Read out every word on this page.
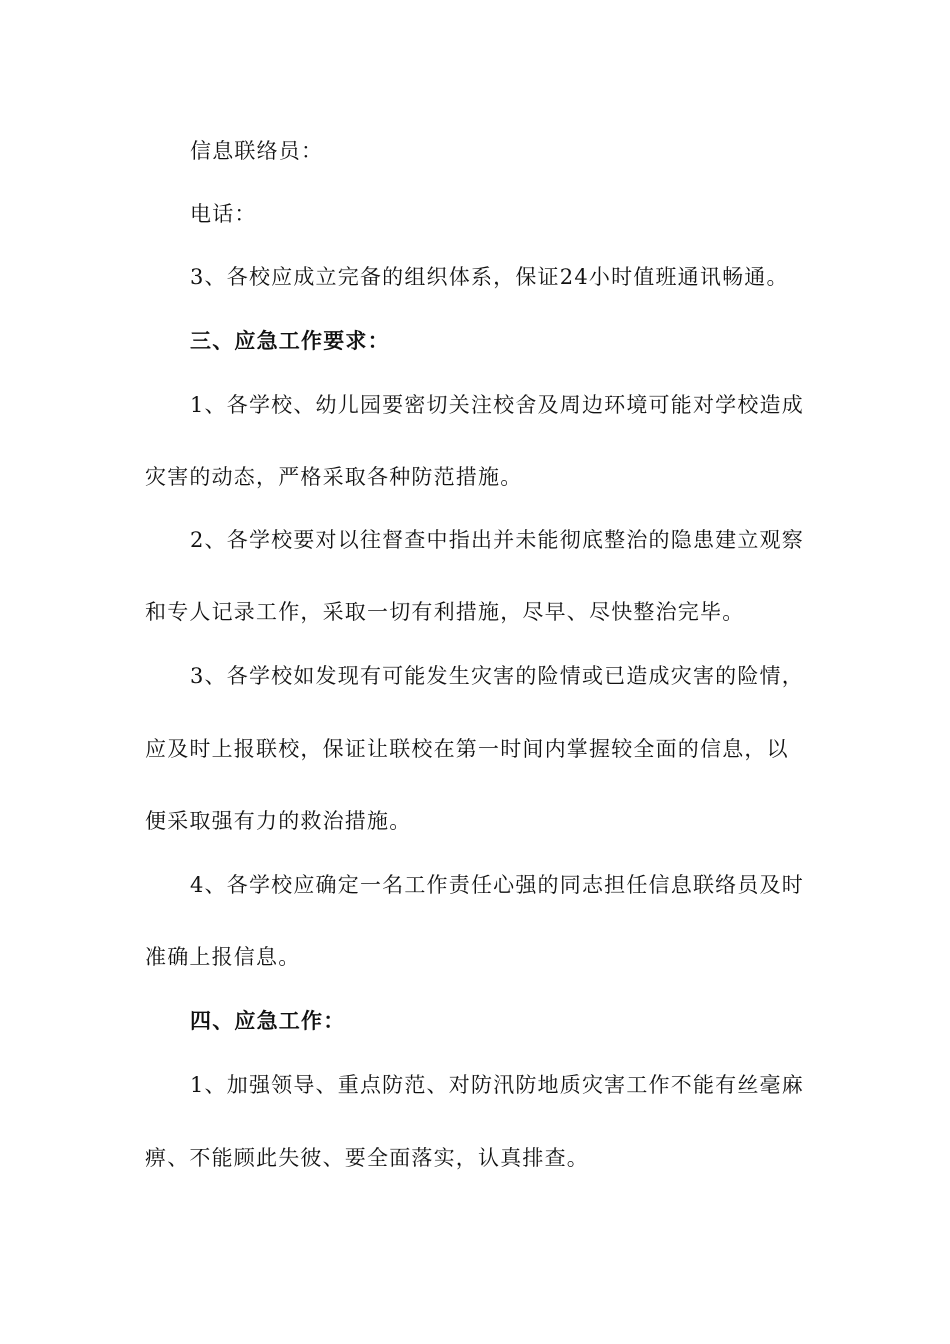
信息联络员：
电话：
3、各校应成立完备的组织体系，保证24小时值班通讯畅通。
三、应急工作要求：
1、各学校、幼儿园要密切关注校舍及周边环境可能对学校造成
灾害的动态，严格采取各种防范措施。
2、各学校要对以往督查中指出并未能彻底整治的隐患建立观察
和专人记录工作，采取一切有利措施，尽早、尽快整治完毕。
3、各学校如发现有可能发生灾害的险情或已造成灾害的险情，
应及时上报联校，保证让联校在第一时间内掌握较全面的信息，以
便采取强有力的救治措施。
4、各学校应确定一名工作责任心强的同志担任信息联络员及时
准确上报信息。
四、应急工作：
1、加强领导、重点防范、对防汛防地质灾害工作不能有丝毫麻
痹、不能顾此失彼、要全面落实，认真排查。
